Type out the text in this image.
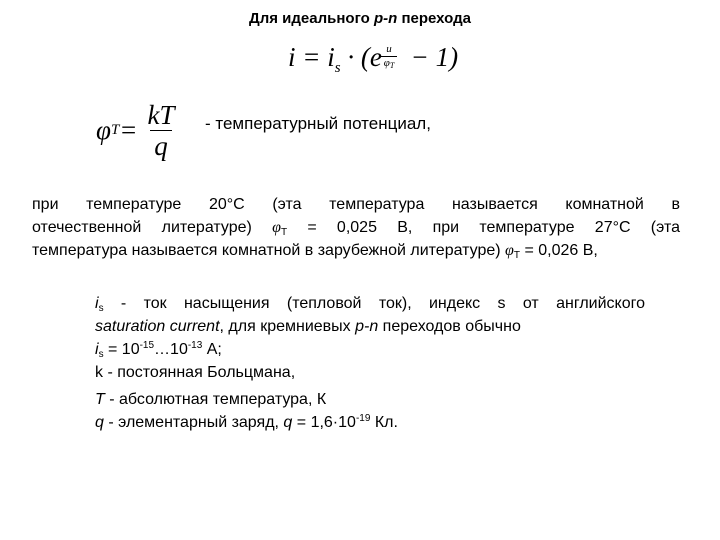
Для идеального p-n перехода
$i = i_s \cdot (e - 1)$
u
φT
φ $T = \frac{kT}{q}$ - температурный потенциал,
при температуре 20°С (эта температура называется комнатной в
отечественной литературе) $\varphi_Т = 0,025$ В, при температуре 27°С (эта
температура называется комнатной в зарубежной литературе) $\varphi_Т = 0,026$ В,
$i_s$ - ток насыщения (тепловой ток), индекс s от английского
saturation current, для кремниевых p-n переходов обычно
$i_s$ = $10^{-15}\dots 10^{-13}$ А;
k - постоянная Больцмана,
T - абсолютная температура, К
q - элементарный заряд, $q = 1,6\cdot 10^{-19}$ Кл.
